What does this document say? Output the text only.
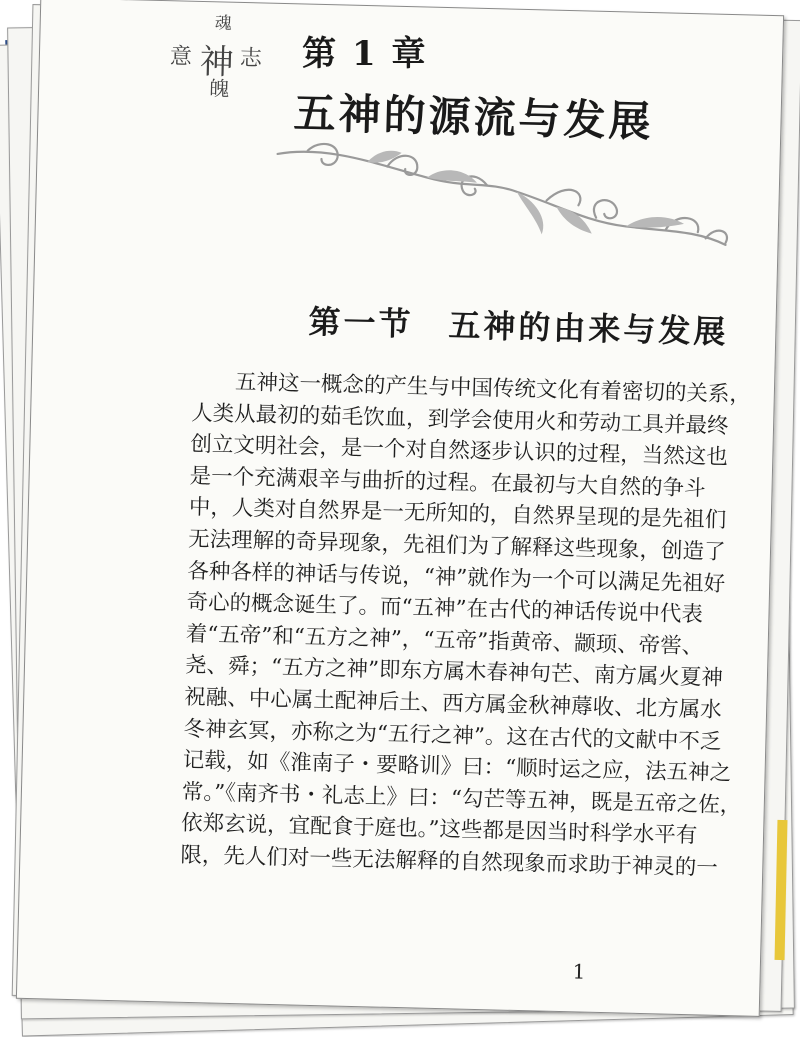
魂
意 神 志
魄
第 1 章
五神的源流与发展
第一节　五神的由来与发展

　　五神这一概念的产生与中国传统文化有着密切的关系，

人类从最初的茹毛饮血，到学会使用火和劳动工具并最终

创立文明社会，是一个对自然逐步认识的过程，当然这也

是一个充满艰辛与曲折的过程。在最初与大自然的争斗

中，人类对自然界是一无所知的，自然界呈现的是先祖们

无法理解的奇异现象，先祖们为了解释这些现象，创造了

各种各样的神话与传说，“神”就作为一个可以满足先祖好

奇心的概念诞生了。而“五神”在古代的神话传说中代表

着“五帝”和“五方之神”，“五帝”指黄帝、颛顼、帝喾、

尧、舜；“五方之神”即东方属木春神句芒、南方属火夏神

祝融、中心属土配神后土、西方属金秋神蓐收、北方属水

冬神玄冥，亦称之为“五行之神”。这在古代的文献中不乏

记载，如《淮南子・要略训》曰：“顺时运之应，法五神之

常。”《南齐书・礼志上》曰：“勾芒等五神，既是五帝之佐，

依郑玄说，宜配食于庭也。”这些都是因当时科学水平有

限，先人们对一些无法解释的自然现象而求助于神灵的一

1
